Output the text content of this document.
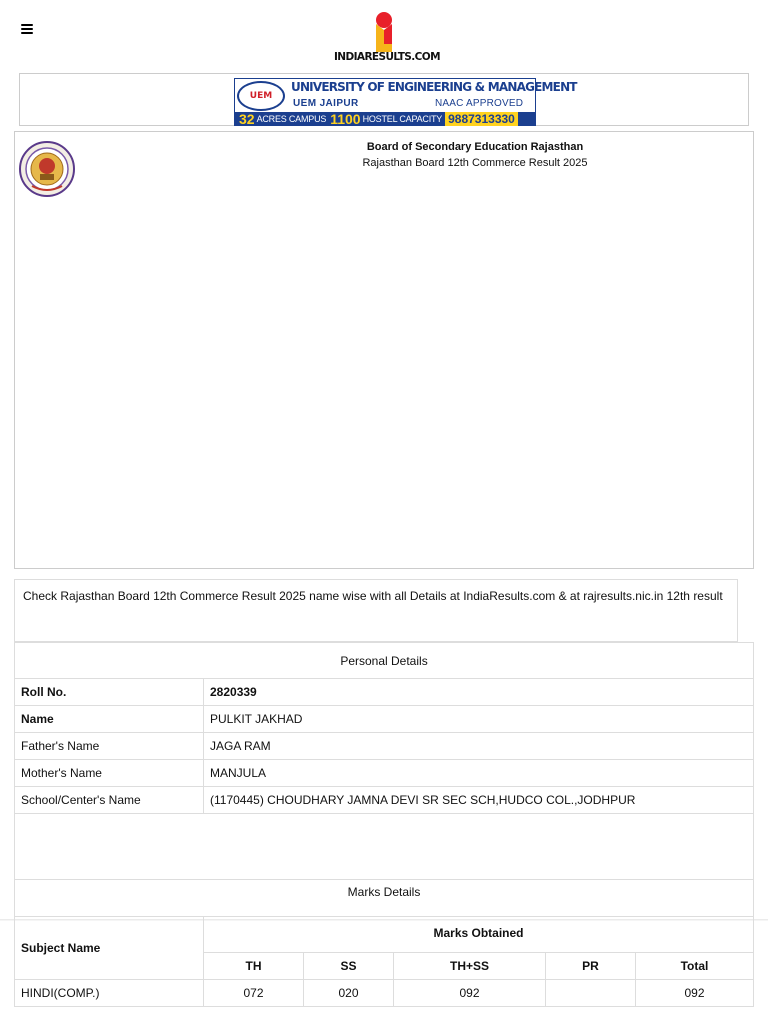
INDIARESULTS.COM
UEM
UNIVERSITY OF ENGINEERING & MANAGEMENT
UEM JAIPUR	NAAC APPROVED
32 ACRES CAMPUS 1100 HOSTEL CAPACITY 9887313330
Board of Secondary Education Rajasthan
Rajasthan Board 12th Commerce Result 2025
Check Rajasthan Board 12th Commerce Result 2025 name wise with all Details at IndiaResults.com & at rajresults.nic.in 12th result
Personal Details	
Roll No.	2820339
Name	PULKIT JAKHAD
Father's Name	JAGA RAM
Mother's Name	MANJULA
School/Center's Name	(1170445) CHOUDHARY JAMNA DEVI SR SEC SCH,HUDCO COL.,JODHPUR

Marks Details
Subject Name	Marks Obtained				
	TH	SS	TH+SS	PR	Total
HINDI(COMP.)	072	020	092		092
